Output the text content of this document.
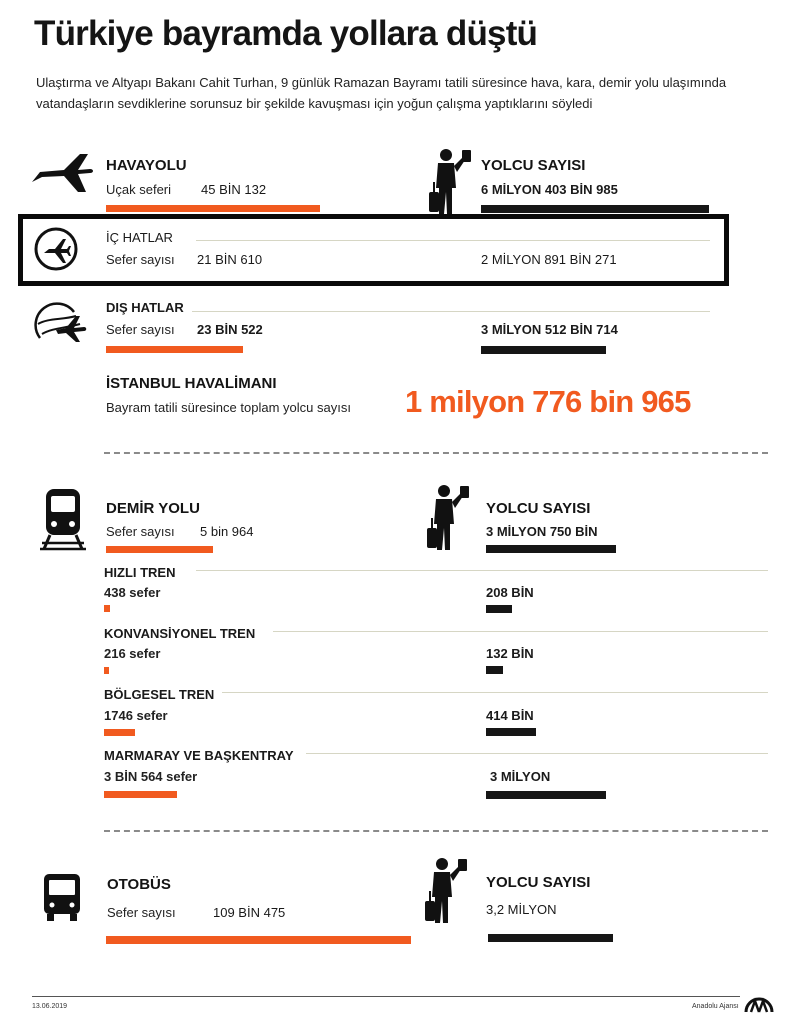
Türkiye bayramda yollara düştü
Ulaştırma ve Altyapı Bakanı Cahit Turhan, 9 günlük Ramazan Bayramı tatili süresince hava, kara, demir yolu ulaşımında vatandaşların sevdiklerine sorunsuz bir şekilde kavuşması için yoğun çalışma yaptıklarını söyledi
HAVAYOLU
Uçak seferi 45 BİN 132
YOLCU SAYISI
6 MİLYON 403 BİN 985
İÇ HATLAR
Sefer sayısı 21 BİN 610	2 MİLYON 891 BİN 271
DIŞ HATLAR
Sefer sayısı 23 BİN 522	3 MİLYON 512 BİN 714
İSTANBUL HAVALİMANI
Bayram tatili süresince toplam yolcu sayısı 1 milyon 776 bin 965
DEMİR YOLU
Sefer sayısı 5 bin 964
YOLCU SAYISI
3 MİLYON 750 BİN
HIZLI TREN
438 sefer	208 BİN
KONVANSİYONEL TREN
216 sefer	132 BİN
BÖLGESEL TREN
1746 sefer	414 BİN
MARMARAY VE BAŞKENTRAY
3 BİN 564 sefer	3 MİLYON
OTOBÜS
Sefer sayısı	109 BİN 475
YOLCU SAYISI
3,2 MİLYON
13.06.2019	Anadolu Ajansı
